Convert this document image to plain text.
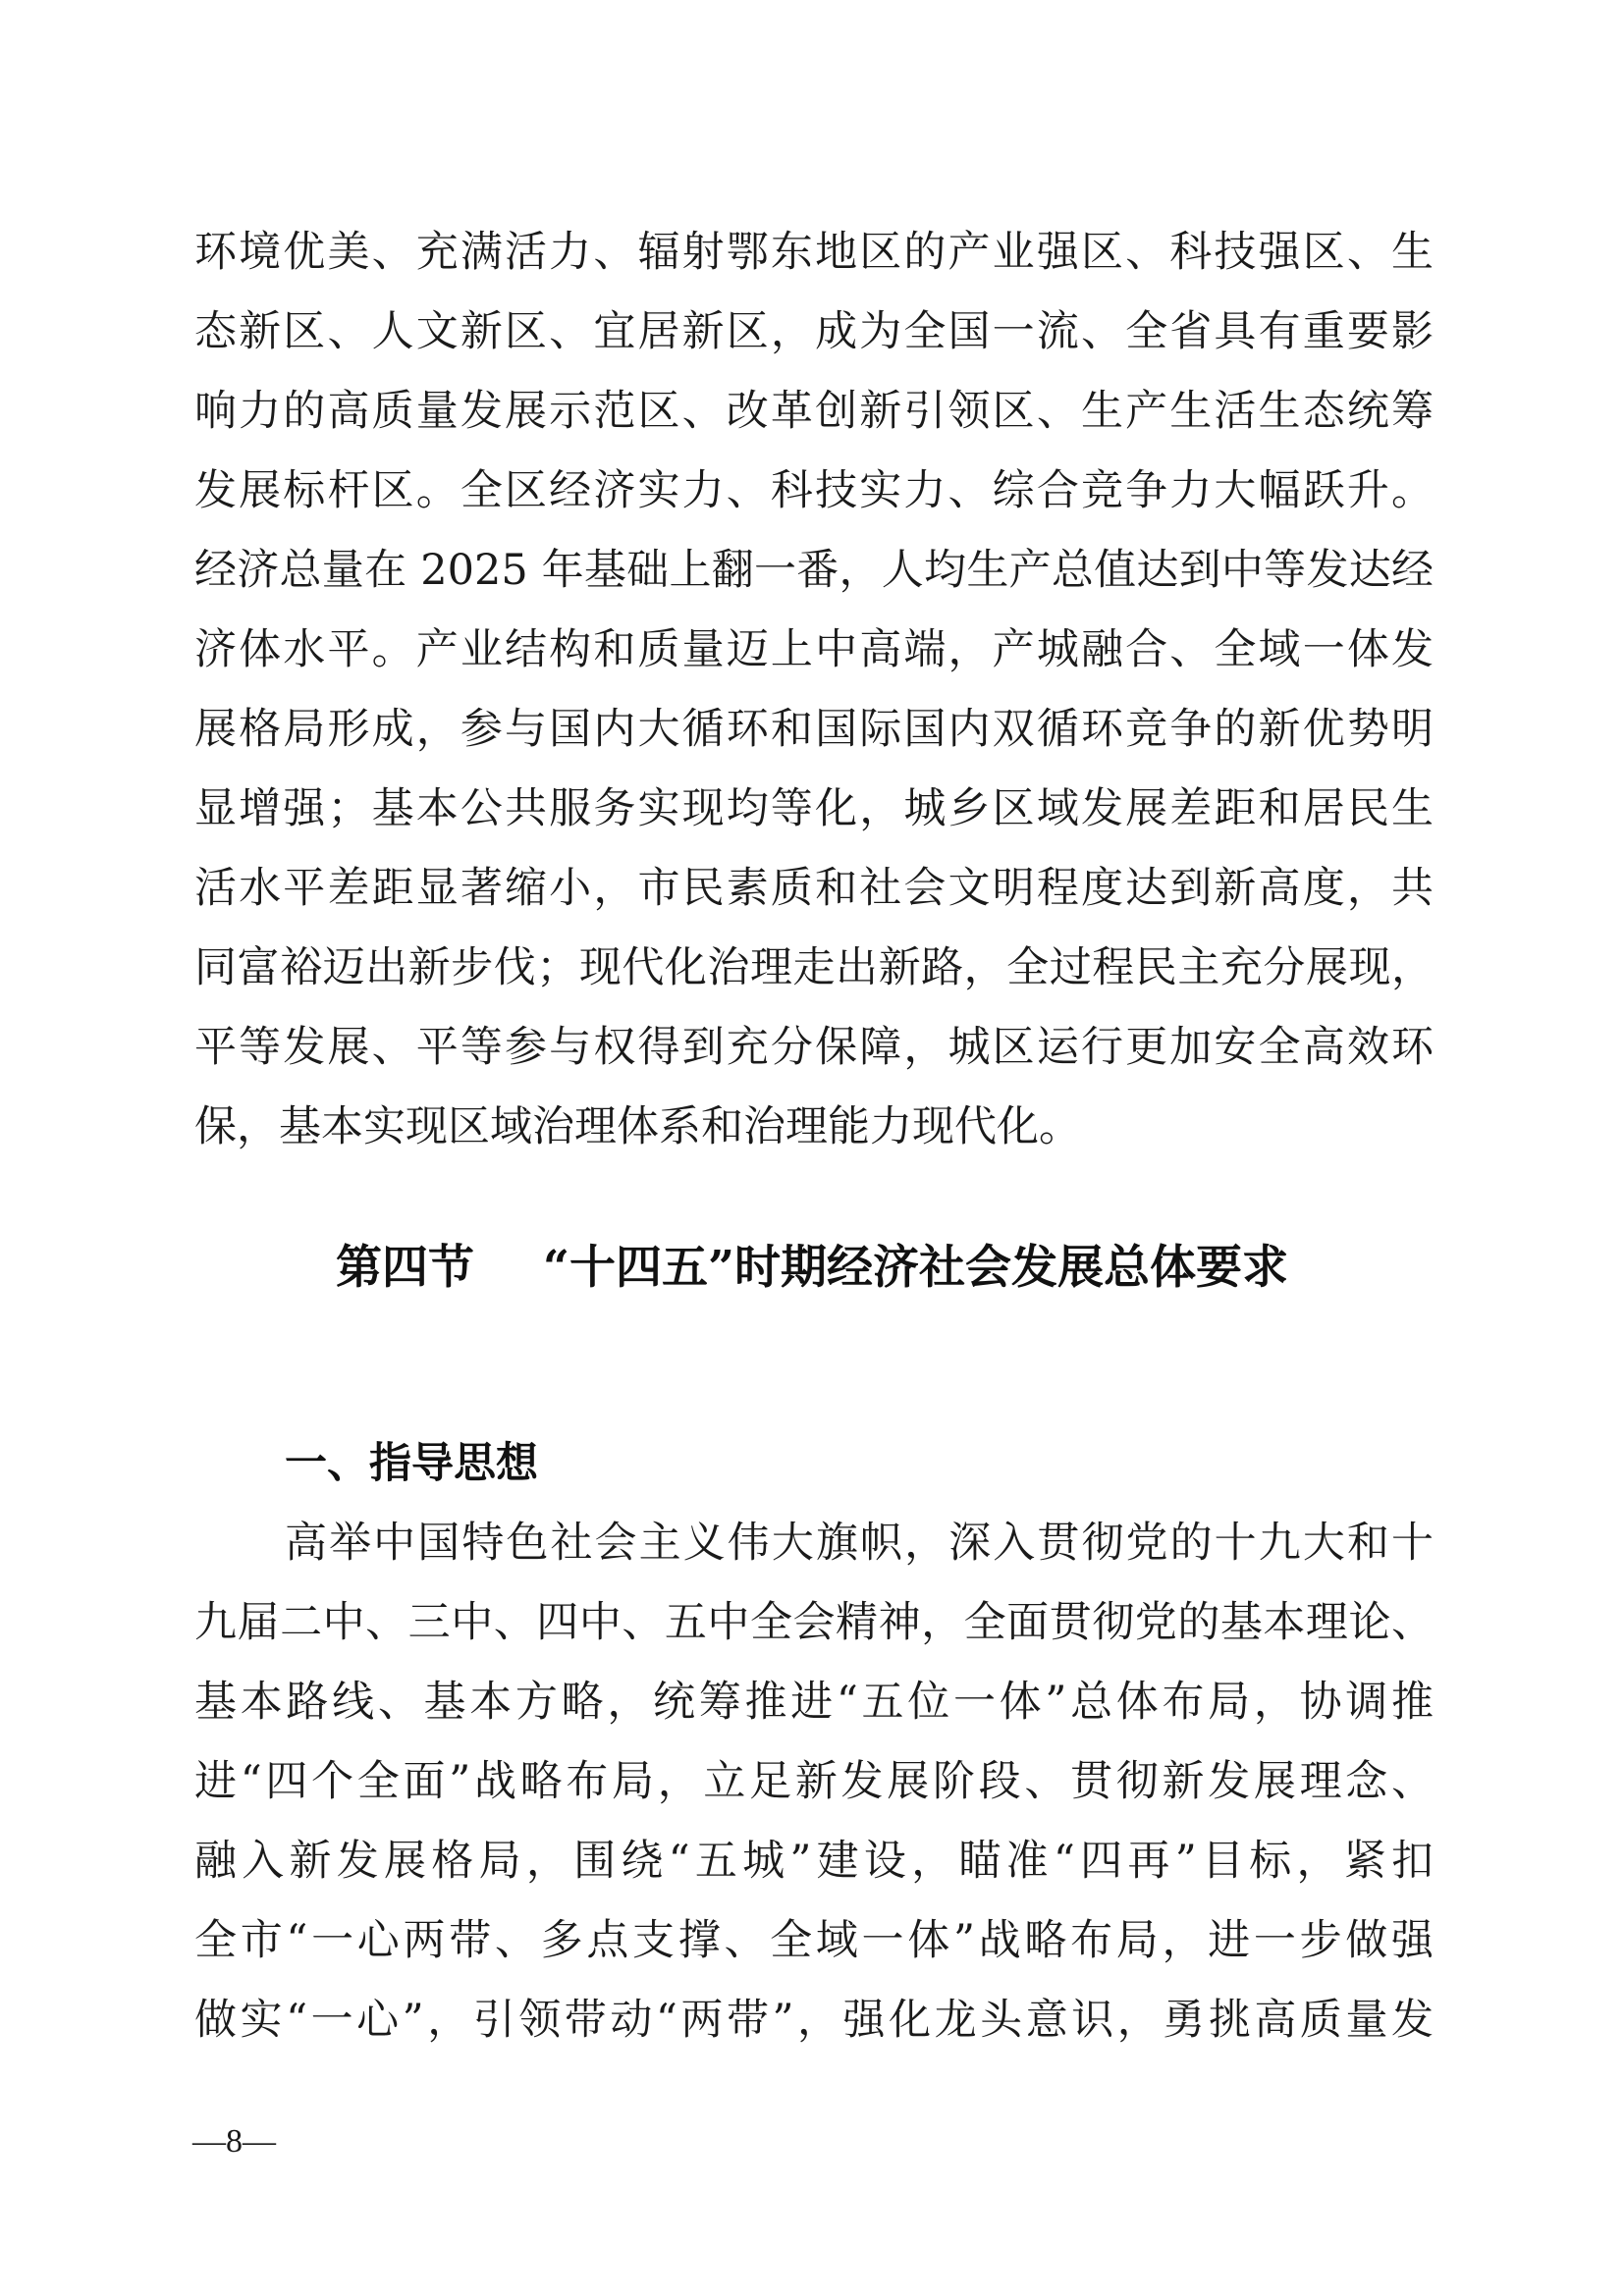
环境优美、充满活力、辐射鄂东地区的产业强区、科技强区、生
态新区、人文新区、宜居新区，成为全国一流、全省具有重要影
响力的高质量发展示范区、改革创新引领区、生产生活生态统筹
发展标杆区。全区经济实力、科技实力、综合竞争力大幅跃升。
经济总量在 2025 年基础上翻一番，人均生产总值达到中等发达经
济体水平。产业结构和质量迈上中高端，产城融合、全域一体发
展格局形成，参与国内大循环和国际国内双循环竞争的新优势明
显增强；基本公共服务实现均等化，城乡区域发展差距和居民生
活水平差距显著缩小，市民素质和社会文明程度达到新高度，共
同富裕迈出新步伐；现代化治理走出新路，全过程民主充分展现，
平等发展、平等参与权得到充分保障，城区运行更加安全高效环
保，基本实现区域治理体系和治理能力现代化。
第四节 “十四五”时期经济社会发展总体要求
一、指导思想
高举中国特色社会主义伟大旗帜，深入贯彻党的十九大和十
九届二中、三中、四中、五中全会精神，全面贯彻党的基本理论、
基本路线、基本方略，统筹推进“五位一体”总体布局，协调推
进“四个全面”战略布局，立足新发展阶段、贯彻新发展理念、
融入新发展格局，围绕“五城”建设，瞄准“四再”目标，紧扣
全市“一心两带、多点支撑、全域一体”战略布局，进一步做强
做实“一心”，引领带动“两带”，强化龙头意识，勇挑高质量发
—8—
